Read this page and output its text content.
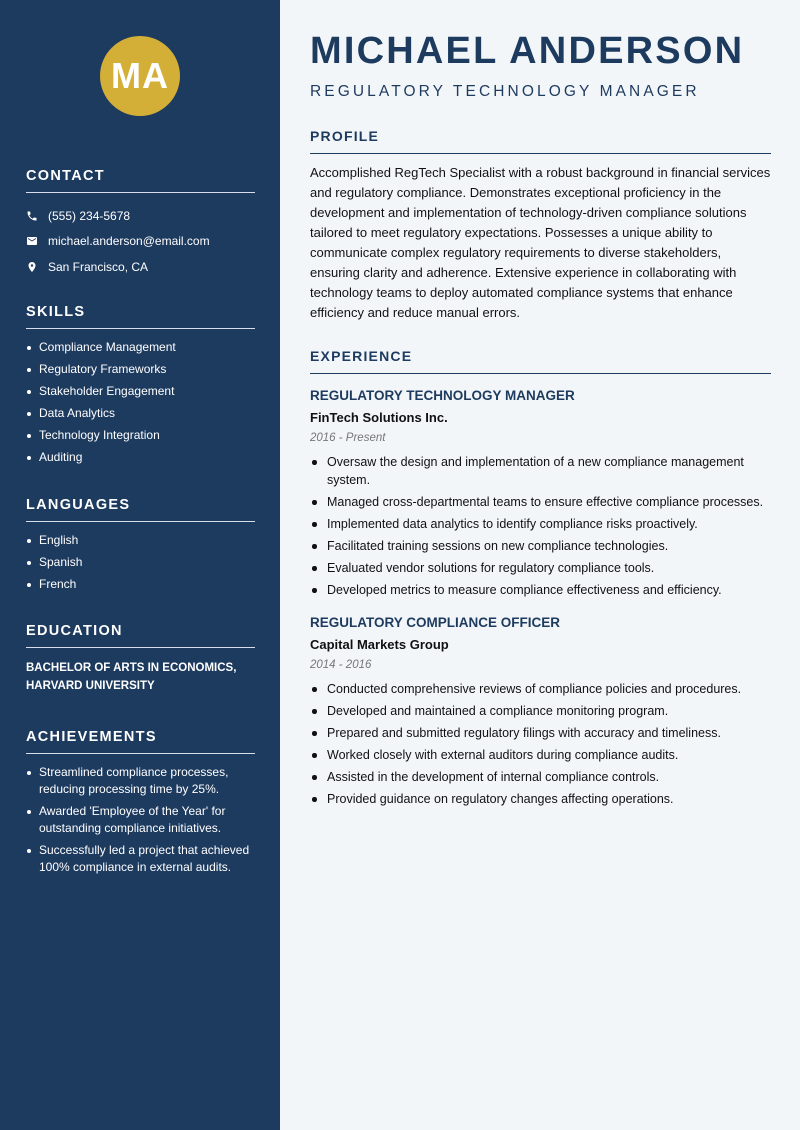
MA
CONTACT
(555) 234-5678
michael.anderson@email.com
San Francisco, CA
SKILLS
Compliance Management
Regulatory Frameworks
Stakeholder Engagement
Data Analytics
Technology Integration
Auditing
LANGUAGES
English
Spanish
French
EDUCATION
BACHELOR OF ARTS IN ECONOMICS,
HARVARD UNIVERSITY
ACHIEVEMENTS
Streamlined compliance processes, reducing processing time by 25%.
Awarded 'Employee of the Year' for outstanding compliance initiatives.
Successfully led a project that achieved 100% compliance in external audits.
MICHAEL ANDERSON
REGULATORY TECHNOLOGY MANAGER
PROFILE

Accomplished RegTech Specialist with a robust background in financial services and regulatory compliance. Demonstrates exceptional proficiency in the development and implementation of technology-driven compliance solutions tailored to meet regulatory expectations. Possesses a unique ability to communicate complex regulatory requirements to diverse stakeholders, ensuring clarity and adherence. Extensive experience in collaborating with technology teams to deploy automated compliance systems that enhance efficiency and reduce manual errors.

EXPERIENCE
REGULATORY TECHNOLOGY MANAGER
FinTech Solutions Inc.
2016 - Present
Oversaw the design and implementation of a new compliance management system.
Managed cross-departmental teams to ensure effective compliance processes.
Implemented data analytics to identify compliance risks proactively.
Facilitated training sessions on new compliance technologies.
Evaluated vendor solutions for regulatory compliance tools.
Developed metrics to measure compliance effectiveness and efficiency.
REGULATORY COMPLIANCE OFFICER
Capital Markets Group
2014 - 2016
Conducted comprehensive reviews of compliance policies and procedures.
Developed and maintained a compliance monitoring program.
Prepared and submitted regulatory filings with accuracy and timeliness.
Worked closely with external auditors during compliance audits.
Assisted in the development of internal compliance controls.
Provided guidance on regulatory changes affecting operations.
